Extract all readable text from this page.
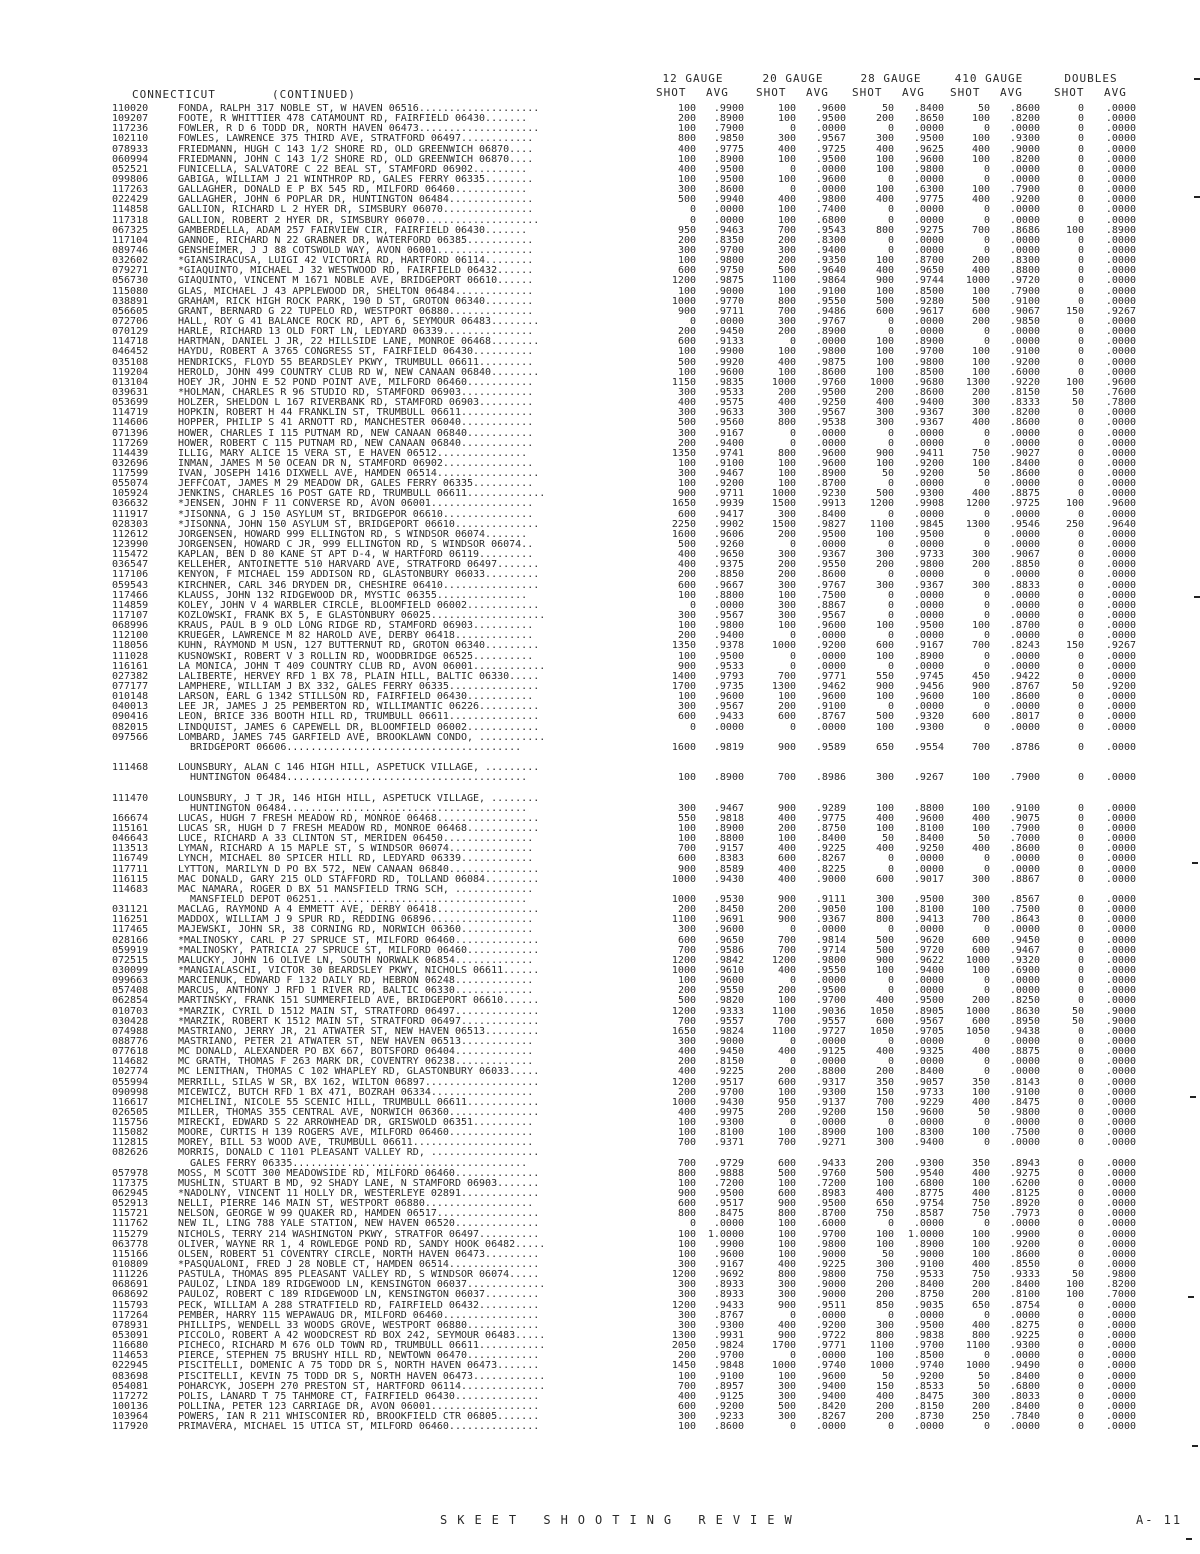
CONNECTICUT	(CONTINUED)
12 GAUGE	20 GAUGE	28 GAUGE	410 GAUGE	DOUBLES
SHOT AVG SHOT AVG SHOT AVG SHOT AVG	SHOT AVG
110020	FONDA, RALPH 317 NOBLE ST, W HAVEN 06516....................	100	.9900	100	.9600	50	.8400	50	.8600	0	.0000
109207	FOOTE, R WHITTIER 478 CATAMOUNT RD, FAIRFIELD 06430.......	200	.8900	100	.9500	200	.8650	100	.8200	0	.0000
117236	FOWLER, R D 6 TODD DR, NORTH HAVEN 06473....................	100	.7900	0	.0000	0	.0000	0	.0000	0	.0000
102110	FOWLES, LAWRENCE 375 THIRD AVE, STRATFORD 06497............	800	.9850	300	.9567	300	.9500	100	.9300	0	.0000
078933	FRIEDMANN, HUGH C 143 1/2 SHORE RD, OLD GREENWICH 06870....	400	.9775	400	.9725	400	.9625	400	.9000	0	.0000
060994	FRIEDMANN, JOHN C 143 1/2 SHORE RD, OLD GREENWICH 06870....	100	.8900	100	.9500	100	.9600	100	.8200	0	.0000
052521	FUNICELLA, SALVATORE C 22 BEAL ST, STAMFORD 06902.........	400	.9500	0	.0000	100	.9800	0	.0000	0	.0000
099806	GABIGA, WILLIAM J 21 WINTHROP RD, GALES FERRY 06335........	100	.9500	100	.9600	0	.0000	0	.0000	0	.0000
117263	GALLAGHER, DONALD E P BX 545 RD, MILFORD 06460............	300	.8600	0	.0000	100	.6300	100	.7900	0	.0000
022429	GALLAGHER, JOHN 6 POPLAR DR, HUNTINGTON 06484..............	500	.9940	400	.9800	400	.9775	400	.9200	0	.0000
114858	GALLION, RICHARD L 2 HYER DR, SIMSBURY 06070...............	0	.0000	100	.7400	0	.0000	0	.0000	0	.0000
117318	GALLION, ROBERT 2 HYER DR, SIMSBURY 06070...................	0	.0000	100	.6800	0	.0000	0	.0000	0	.0000
067325	GAMBERDELLA, ADAM 257 FAIRVIEW CIR, FAIRFIELD 06430.......	950	.9463	700	.9543	800	.9275	700	.8686	100	.8900
117104	GANNOE, RICHARD N 22 GRABNER DR, WATERFORD 06385...........	200	.8350	200	.8300	0	.0000	0	.0000	0	.0000
089746	GENSHEIMER, J J 88 COTSWOLD WAY, AVON 06001................	300	.9700	300	.9400	0	.0000	0	.0000	0	.0000
032602	*GIANSIRACUSA, LUIGI 42 VICTORIA RD, HARTFORD 06114........	100	.9800	200	.9350	100	.8700	200	.8300	0	.0000
079271	*GIAQUINTO, MICHAEL J 32 WESTWOOD RD, FAIRFIELD 06432......	600	.9750	500	.9640	400	.9650	400	.8800	0	.0000
056730	GIAQUINTO, VINCENT M 1671 NOBLE AVE, BRIDGEPORT 06610......	1200	.9875	1100	.9864	900	.9744	1000	.9720	0	.0000
115080	GLAS, MICHAEL J 43 APPLEWOOD DR, SHELTON 06484.............	100	.9000	100	.9100	100	.8500	100	.7900	0	.0000
038891	GRAHAM, RICK HIGH ROCK PARK, 190 D ST, GROTON 06340........	1000	.9770	800	.9550	500	.9280	500	.9100	0	.0000
056605	GRANT, BERNARD G 22 TUPELO RD, WESTPORT 06880..............	900	.9711	700	.9486	600	.9617	600	.9067	150	.9267
072706	HALL, ROY G 41 BALANCE ROCK RD, APT 6, SEYMOUR 06483........	0	.0000	300	.9767	0	.0000	200	.9850	0	.0000
070129	HARLE, RICHARD 13 OLD FORT LN, LEDYARD 06339...............	200	.9450	200	.8900	0	.0000	0	.0000	0	.0000
114718	HARTMAN, DANIEL J JR, 22 HILLSIDE LANE, MONROE 06468........	600	.9133	0	.0000	100	.8900	0	.0000	0	.0000
046452	HAYDU, ROBERT A 3765 CONGRESS ST, FAIRFIELD 06430..........	100	.9900	100	.9800	100	.9700	100	.9100	0	.0000
035108	HENDRICKS, FLOYD 55 BEARDSLEY PKWY, TRUMBULL 06611.........	500	.9920	400	.9875	100	.9800	100	.9200	0	.0000
119204	HEROLD, JOHN 499 COUNTRY CLUB RD W, NEW CANAAN 06840........	100	.9600	100	.8600	100	.8500	100	.6000	0	.0000
013104	HOEY JR, JOHN E 52 POND POINT AVE, MILFORD 06460...........	1150	.9835	1000	.9760	1000	.9680	1300	.9220	100	.9600
039631	*HOLMAN, CHARLES R 96 STUDIO RD, STAMFORD 06903............	300	.9533	200	.9500	200	.8600	200	.8150	50	.7600
053699	HOLZER, SHELDON L 167 RIVERBANK RD, STAMFORD 06903.........	400	.9575	400	.9250	400	.9400	300	.8333	50	.7800
114719	HOPKIN, ROBERT H 44 FRANKLIN ST, TRUMBULL 06611............	300	.9633	300	.9567	300	.9367	300	.8200	0	.0000
114606	HOPPER, PHILIP S 41 ARNOTT RD, MANCHESTER 06040............	500	.9560	800	.9538	300	.9367	400	.8600	0	.0000
071396	HOWER, CHARLES I 115 PUTNAM RD, NEW CANAAN 06840...........	300	.9167	0	.0000	0	.0000	0	.0000	0	.0000
117269	HOWER, ROBERT C 115 PUTNAM RD, NEW CANAAN 06840............	200	.9400	0	.0000	0	.0000	0	.0000	0	.0000
114439	ILLIG, MARY ALICE 15 VERA ST, E HAVEN 06512...............	1350	.9741	800	.9600	900	.9411	750	.9027	0	.0000
032696	INMAN, JAMES M 50 OCEAN DR N, STAMFORD 06902...............	100	.9100	100	.9600	100	.9200	100	.8400	0	.0000
117599	IVAN, JOSEPH 1416 DIXWELL AVE, HAMDEN 06514.................	300	.9467	100	.8900	50	.9200	50	.8600	0	.0000
055074	JEFFCOAT, JAMES M 29 MEADOW DR, GALES FERRY 06335..........	100	.9200	100	.8700	0	.0000	0	.0000	0	.0000
105924	JENKINS, CHARLES 16 POST GATE RD, TRUMBULL 06611.............	900	.9711	1000	.9230	500	.9300	400	.8875	0	.0000
036632	*JENSEN, JOHN F 11 CONVERSE RD, AVON 06001.................	1650	.9939	1500	.9913	1200	.9908	1200	.9725	100	.9600
111917	*JISONNA, G J 150 ASYLUM ST, BRIDGEPOR 06610...............	600	.9417	300	.8400	0	.0000	0	.0000	0	.0000
028303	*JISONNA, JOHN 150 ASYLUM ST, BRIDGEPORT 06610..............	2250	.9902	1500	.9827	1100	.9845	1300	.9546	250	.9640
112612	JORGENSEN, HOWARD 999 ELLINGTON RD, S WINDSOR 06074.......	1600	.9606	200	.9500	100	.9500	0	.0000	0	.0000
123990	JORGENSEN, HOWARD C JR, 999 ELLINGTON RD, S WINDSOR 06074..	500	.9260	0	.0000	0	.0000	0	.0000	0	.0000
115472	KAPLAN, BEN D 80 KANE ST APT D-4, W HARTFORD 06119.........	400	.9650	300	.9367	300	.9733	300	.9067	0	.0000
036547	KELLEHER, ANTOINETTE 510 HARVARD AVE, STRATFORD 06497.......	400	.9375	200	.9550	200	.9800	200	.8850	0	.0000
117106	KENYON, F MICHAEL 159 ADDISON RD, GLASTONBURY 06033.........	200	.8850	200	.8600	0	.0000	0	.0000	0	.0000
059543	KIRCHNER, CARL 346 DRYDEN DR, CHESHIRE 06410................	600	.9667	300	.9767	300	.9367	300	.8833	0	.0000
117466	KLAUSS, JOHN 132 RIDGEWOOD DR, MYSTIC 06355...............	100	.8800	100	.7500	0	.0000	0	.0000	0	.0000
114859	KOLEY, JOHN V 4 WARBLER CIRCLE, BLOOMFIELD 06002............	0	.0000	300	.8867	0	.0000	0	.0000	0	.0000
117107	KOZLOWSKI, FRANK BX 5, E GLASTONBURY 06025...................	300	.9567	300	.9567	0	.0000	0	.0000	0	.0000
068996	KRAUS, PAUL B 9 OLD LONG RIDGE RD, STAMFORD 06903..........	100	.9800	100	.9600	100	.9500	100	.8700	0	.0000
112100	KRUEGER, LAWRENCE M 82 HAROLD AVE, DERBY 06418.............	200	.9400	0	.0000	0	.0000	0	.0000	0	.0000
118056	KUHN, RAYMOND M USN, 127 BUTTERNUT RD, GROTON 06340.........	1350	.9378	1000	.9200	600	.9167	700	.8243	150	.9267
111028	KUSNOWSKI, ROBERT V 3 ROLLIN RD, WOODBRIDGE 06525..........	100	.9500	0	.0000	100	.8900	0	.0000	0	.0000
116161	LA MONICA, JOHN T 409 COUNTRY CLUB RD, AVON 06001............	900	.9533	0	.0000	0	.0000	0	.0000	0	.0000
027382	LALIBERTE, HERVEY RFD 1 BX 78, PLAIN HILL, BALTIC 06330.....	1400	.9793	700	.9771	550	.9745	450	.9422	0	.0000
077177	LAMPHERE, WILLIAM J BX 332, GALES FERRY 06335...............	1700	.9735	1300	.9462	900	.9456	900	.8767	50	.9200
010148	LARSON, EARL G 1342 STILLSON RD, FAIRFIELD 06430...........	100	.9600	100	.9600	100	.9600	100	.8600	0	.0000
040013	LEE JR, JAMES J 25 PEMBERTON RD, WILLIMANTIC 06226..........	300	.9567	200	.9100	0	.0000	0	.0000	0	.0000
090416	LEON, BRICE 336 BOOTH HILL RD, TRUMBULL 06611...............	600	.9433	600	.8767	500	.9320	600	.8017	0	.0000
082015	LINDQUIST, JAMES 6 CAPEWELL DR, BLOOMFIELD 06002............	0	.0000	0	.0000	100	.9300	0	.0000	0	.0000
097566	LOMBARD, JAMES 745 GARFIELD AVE, BROOKLAWN CONDO, ...........
BRIDGEPORT 06606.......................................	1600	.9819	900	.9589	650	.9554	700	.8786	0	.0000
111468	LOUNSBURY, ALAN C 146 HIGH HILL, ASPETUCK VILLAGE, .........
HUNTINGTON 06484........................................	100	.8900	700	.8986	300	.9267	100	.7900	0	.0000
111470	LOUNSBURY, J T JR, 146 HIGH HILL, ASPETUCK VILLAGE, ........
HUNTINGTON 06484........................................	300	.9467	900	.9289	100	.8800	100	.9100	0	.0000
166674	LUCAS, HUGH 7 FRESH MEADOW RD, MONROE 06468.................	550	.9818	400	.9775	400	.9600	400	.9075	0	.0000
115161	LUCAS SR, HUGH D 7 FRESH MEADOW RD, MONROE 06468............	100	.8900	200	.8750	100	.8100	100	.7900	0	.0000
046643	LUCE, RICHARD A 33 CLINTON ST, MERIDEN 06450...............	100	.8800	100	.8400	50	.8400	50	.7000	0	.0000
113513	LYMAN, RICHARD A 15 MAPLE ST, S WINDSOR 06074..............	700	.9157	400	.9225	400	.9250	400	.8600	0	.0000
116749	LYNCH, MICHAEL 80 SPICER HILL RD, LEDYARD 06339............	600	.8383	600	.8267	0	.0000	0	.0000	0	.0000
117711	LYTTON, MARILYN D PO BX 572, NEW CANAAN 06840...............	900	.8589	400	.8225	0	.0000	0	.0000	0	.0000
116115	MAC DONALD, GARY 215 OLD STAFFORD RD, TOLLAND 06084.........	1000	.9430	400	.9000	600	.9017	300	.8867	0	.0000
114683	MAC NAMARA, ROGER D BX 51 MANSFIELD TRNG SCH, .............
MANSFIELD DEPOT 06251...................................	1000	.9530	900	.9111	300	.9500	300	.8567	0	.0000
031121	MACLAG, RAYMOND A 4 EMMETT AVE, DERBY 06418.................	200	.8450	200	.9050	100	.8100	100	.7500	0	.0000
116251	MADDOX, WILLIAM J 9 SPUR RD, REDDING 06896.................	1100	.9691	900	.9367	800	.9413	700	.8643	0	.0000
117465	MAJEWSKI, JOHN SR, 38 CORNING RD, NORWICH 06360............	300	.9600	0	.0000	0	.0000	0	.0000	0	.0000
028166	*MALINOSKY, CARL P 27 SPRUCE ST, MILFORD 06460..............	600	.9650	700	.9814	500	.9620	600	.9450	0	.0000
059919	*MALINOSKY, PATRICIA 27 SPRUCE ST, MILFORD 06460............	700	.9586	700	.9714	500	.9720	600	.9467	0	.0000
072515	MALUCKY, JOHN 16 OLIVE LN, SOUTH NORWALK 06854.............	1200	.9842	1200	.9800	900	.9622	1000	.9320	0	.0000
030099	*MANGIALASCHI, VICTOR 30 BEARDSLEY PKWY, NICHOLS 06611......	1000	.9610	400	.9550	100	.9400	100	.6900	0	.0000
099663	MARCIENUK, EDWARD F 132 DAILY RD, HEBRON 06248.............	100	.9600	0	.0000	0	.0000	0	.0000	0	.0000
057408	MARCUS, ANTHONY J RFD 1 RIVER RD, BALTIC 06330.............	200	.9550	200	.9500	0	.0000	0	.0000	0	.0000
062854	MARTINSKY, FRANK 151 SUMMERFIELD AVE, BRIDGEPORT 06610......	500	.9820	100	.9700	400	.9500	200	.8250	0	.0000
010703	*MARZIK, CYRIL D 1512 MAIN ST, STRATFORD 06497..............	1200	.9333	1100	.9036	1050	.8905	1000	.8630	50	.9000
030428	*MARZIK, ROBERT K 1512 MAIN ST, STRATFORD 06497.............	700	.9557	700	.9557	600	.9567	600	.8950	50	.9000
074988	MASTRIANO, JERRY JR, 21 ATWATER ST, NEW HAVEN 06513.........	1650	.9824	1100	.9727	1050	.9705	1050	.9438	0	.0000
088776	MASTRIANO, PETER 21 ATWATER ST, NEW HAVEN 06513............	300	.9000	0	.0000	0	.0000	0	.0000	0	.0000
077618	MC DONALD, ALEXANDER PO BX 667, BOTSFORD 06404.............	400	.9450	400	.9125	400	.9325	400	.8875	0	.0000
114682	MC GRATH, THOMAS F 263 MARK DR, COVENTRY 06238.............	200	.8150	0	.0000	0	.0000	0	.0000	0	.0000
102774	MC LENITHAN, THOMAS C 102 WHAPLEY RD, GLASTONBURY 06033.....	400	.9225	200	.8800	200	.8400	0	.0000	0	.0000
055994	MERRILL, SILAS W SR, BX 162, WILTON 06897...................	1200	.9517	600	.9317	350	.9057	350	.8143	0	.0000
090998	MICEWICZ, BUTCH RFD 1 BX 471, BOZRAH 06334.................	200	.9700	100	.9300	150	.9733	100	.9100	0	.0000
116617	MICHELINI, NICOLE 55 SCENIC HILL, TRUMBULL 06611............	1000	.9430	950	.9137	700	.9229	400	.8475	0	.0000
026505	MILLER, THOMAS 355 CENTRAL AVE, NORWICH 06360...............	400	.9975	200	.9200	150	.9600	50	.9800	0	.0000
115756	MIRECKI, EDWARD S 22 ARROWHEAD DR, GRISWOLD 06351..........	100	.9300	0	.0000	0	.0000	0	.0000	0	.0000
115082	MOORE, CURTIS H 139 ROGERS AVE, MILFORD 06460..............	100	.8100	100	.8900	100	.8300	100	.7500	0	.0000
112815	MOREY, BILL 53 WOOD AVE, TRUMBULL 06611....................	700	.9371	700	.9271	300	.9400	0	.0000	0	.0000
082626	MORRIS, DONALD C 1101 PLEASANT VALLEY RD, ..................
GALES FERRY 06335.......................................	700	.9729	600	.9433	200	.9300	350	.8943	0	.0000
057978	MOSS, M SCOTT 300 MEADOWSIDE RD, MILFORD 06460..............	800	.9888	500	.9760	500	.9540	400	.9275	0	.0000
117375	MUSHLIN, STUART B MD, 92 SHADY LANE, N STAMFORD 06903.......	100	.7200	100	.7200	100	.6800	100	.6200	0	.0000
062945	*NADOLNY, VINCENT 11 HOLLY DR, WESTERLEYE 02891.............	900	.9500	600	.8983	400	.8775	400	.8125	0	.0000
052913	NELLI, PIERRE 146 MAIN ST, WESTPORT 06880..................	600	.9517	900	.9500	650	.9754	750	.8920	0	.0000
115721	NELSON, GEORGE W 99 QUAKER RD, HAMDEN 06517.................	800	.8475	800	.8700	750	.8587	750	.7973	0	.0000
111762	NEW IL, LING 788 YALE STATION, NEW HAVEN 06520..............	0	.0000	100	.6000	0	.0000	0	.0000	0	.0000
115279	NICHOLS, TERRY 214 WASHINGTON PKWY, STRATFOR 06497..........	100	1.0000	100	.9700	100	1.0000	100	.9900	0	.0000
063778	OLIVER, WAYNE RR 1, 4 ROWLEDGE POND RD, SANDY HOOK 06482.....	100	.9900	100	.9800	100	.8900	100	.9200	0	.0000
115166	OLSEN, ROBERT 51 COVENTRY CIRCLE, NORTH HAVEN 06473.........	100	.9600	100	.9000	50	.9000	100	.8600	0	.0000
010809	*PASQUALONI, FRED J 28 NOBLE CT, HAMDEN 06514...............	300	.9167	400	.9225	300	.9100	400	.8550	0	.0000
111226	PASTULA, THOMAS 895 PLEASANT VALLEY RD, S WINDSOR 06074.....	1200	.9692	800	.9800	750	.9533	750	.9333	50	.9800
068691	PAULOZ, LINDA 189 RIDGEWOOD LN, KENSINGTON 06037.............	300	.8933	300	.9000	200	.8400	200	.8400	100	.8200
068692	PAULOZ, ROBERT C 189 RIDGEWOOD LN, KENSINGTON 06037.........	300	.8933	300	.9000	200	.8750	200	.8100	100	.7000
115793	PECK, WILLIAM A 288 STRATFIELD RD, FAIRFIELD 06432..........	1200	.9433	900	.9511	850	.9035	650	.8754	0	.0000
117264	PEMBER, HARRY 115 WEPAWAUG DR, MILFORD 06460................	300	.8767	0	.0000	0	.0000	0	.0000	0	.0000
078931	PHILLIPS, WENDELL 33 WOODS GROVE, WESTPORT 06880............	300	.9300	400	.9200	300	.9500	400	.8275	0	.0000
053091	PICCOLO, ROBERT A 42 WOODCREST RD BOX 242, SEYMOUR 06483.....	1300	.9931	900	.9722	800	.9838	800	.9225	0	.0000
116680	PICHECO, RICHARD M 676 OLD TOWN RD, TRUMBULL 06611...........	2050	.9824	1700	.9771	1100	.9700	1100	.9300	0	.0000
114653	PIERCE, STEPHEN 75 BRUSHY HILL RD, NEWTOWN 06470............	200	.9700	0	.0000	100	.8500	0	.0000	0	.0000
022945	PISCITELLI, DOMENIC A 75 TODD DR S, NORTH HAVEN 06473.......	1450	.9848	1000	.9740	1000	.9740	1000	.9490	0	.0000
083698	PISCITELLI, KEVIN 75 TODD DR S, NORTH HAVEN 06473............	100	.9100	100	.9600	50	.9200	50	.8400	0	.0000
054081	POHARCYK, JOSEPH 270 PRESTON ST, HARTFORD 06114..............	700	.8957	300	.9400	150	.8533	50	.6800	0	.0000
117272	POLIS, LANARD T 75 TAHMORE CT, FAIRFIELD 06430..............	400	.9125	300	.9400	400	.8475	300	.8033	0	.0000
100136	POLLINA, PETER 123 CARRIAGE DR, AVON 06001..................	600	.9200	500	.8420	200	.8150	200	.8400	0	.0000
103964	POWERS, IAN R 211 WHISCONIER RD, BROOKFIELD CTR 06805.......	300	.9233	300	.8267	200	.8730	250	.7840	0	.0000
117920	PRIMAVERA, MICHAEL 15 UTICA ST, MILFORD 06460...............	100	.8600	0	.0000	0	.0000	0	.0000	0	.0000
SKEET SHOOTING REVIEW	A- 11
